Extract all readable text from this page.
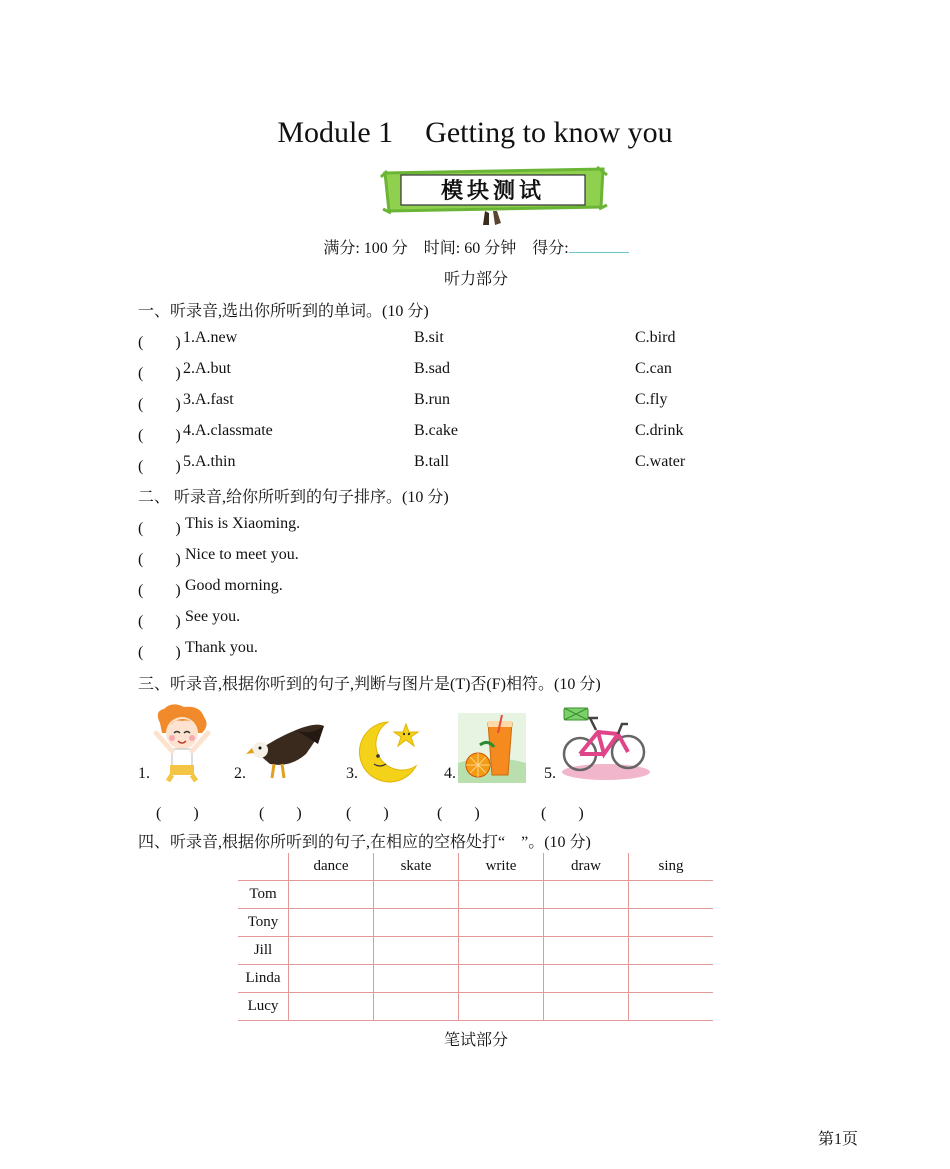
Module 1 Getting to know you
模块测试
满分: 100 分　时间: 60 分钟　得分:
听力部分
一、听录音,选出你所听到的单词。(10 分)
(　　) 1.A.new	B.sit	C.bird
(　　) 2.A.but	B.sad	C.can
(　　) 3.A.fast	B.run	C.fly
(　　) 4.A.classmate	B.cake	C.drink
(　　) 5.A.thin	B.tall	C.water
二、 听录音,给你所听到的句子排序。(10 分)
(　　) This is Xiaoming.
(　　) Nice to meet you.
(　　) Good morning.
(　　) See you.
(　　) Thank you.
三、听录音,根据你听到的句子,判断与图片是(T)否(F)相符。(10 分)
1.	2.	3.	4.	5.
(　　)	(　　)	(　　)	(　　)	(　　)
四、听录音,根据你所听到的句子,在相应的空格处打“　”。(10 分)
	dance	skate	write	draw	sing
Tom					
Tony					
Jill					
Linda					
Lucy					
笔试部分
第1页
